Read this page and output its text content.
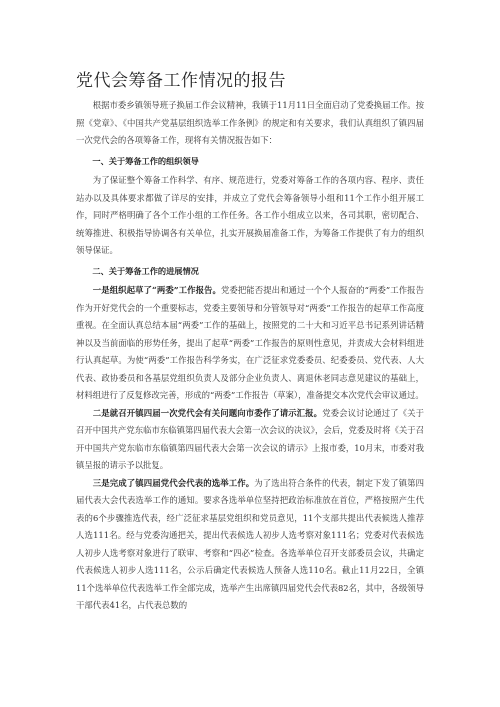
党代会筹备工作情况的报告

根据市委乡镇领导班子换届工作会议精神，我镇于11月11日全面启动了党委换届工作。按照《党章》、《中国共产党基层组织选举工作条例》的规定和有关要求，我们认真组织了镇四届一次党代会的各项筹备工作，现将有关情况报告如下：

一、关于筹备工作的组织领导

为了保证整个筹备工作科学、有序、规范进行，党委对筹备工作的各项内容、程序、责任站办以及具体要求都做了详尽的安排，并成立了党代会筹备领导小组和11个工作小组开展工作，同时严格明确了各个工作小组的工作任务。各工作小组成立以来，各司其职，密切配合、统筹推进、积极指导协调各有关单位，扎实开展换届准备工作，为筹备工作提供了有力的组织领导保证。

二、关于筹备工作的进展情况

一是组织起草了“两委”工作报告。党委把能否提出和通过一个个人报奋的“两委”工作报告作为开好党代会的一个重要标志，党委主要领导和分管领导对“两委”工作报告的起草工作高度重视。在全面认真总结本届“两委”工作的基础上，按照党的二十大和习近平总书记系列讲话精神以及当前面临的形势任务，提出了起草“两委”工作报告的原则性意见，并责成大会材料组进行认真起草。为使“两委”工作报告科学务实，在广泛征求党委委员、纪委委员、党代表、人大代表、政协委员和各基层党组织负责人及部分企业负责人、离退休老同志意见建议的基础上，材料组进行了反复修改完善，形成的“两委”工作报告（草案），准备提交本次党代会审议通过。

二是就召开镇四届一次党代会有关问题向市委作了请示汇报。党委会议讨论通过了《关于召开中国共产党东临市东临镇第四届代表大会第一次会议的决议》，会后，党委及时将《关于召开中国共产党东临市东临镇第四届代表大会第一次会议的请示》上报市委，10月末，市委对我镇呈报的请示予以批复。

三是完成了镇四届党代会代表的选举工作。为了选出符合条件的代表，制定下发了镇第四届代表大会代表选举工作的通知。要求各选举单位坚持把政治标准放在首位，严格按照产生代表的6个步骤推选代表，经广泛征求基层党组织和党员意见，11个支部共提出代表候选人推荐人选111名。经与党委沟通把关，提出代表候选人初步人选考察对象111名；党委对代表候选人初步人选考察对象进行了联审、考察和“四必”检查。各选举单位召开支部委员会议，共确定代表候选人初步人选111名，公示后确定代表候选人预备人选110名。截止11月22日，全镇11个选举单位代表选举工作全部完成，选举产生出席镇四届党代会代表82名，其中，各级领导干部代表41名，占代表总数的
